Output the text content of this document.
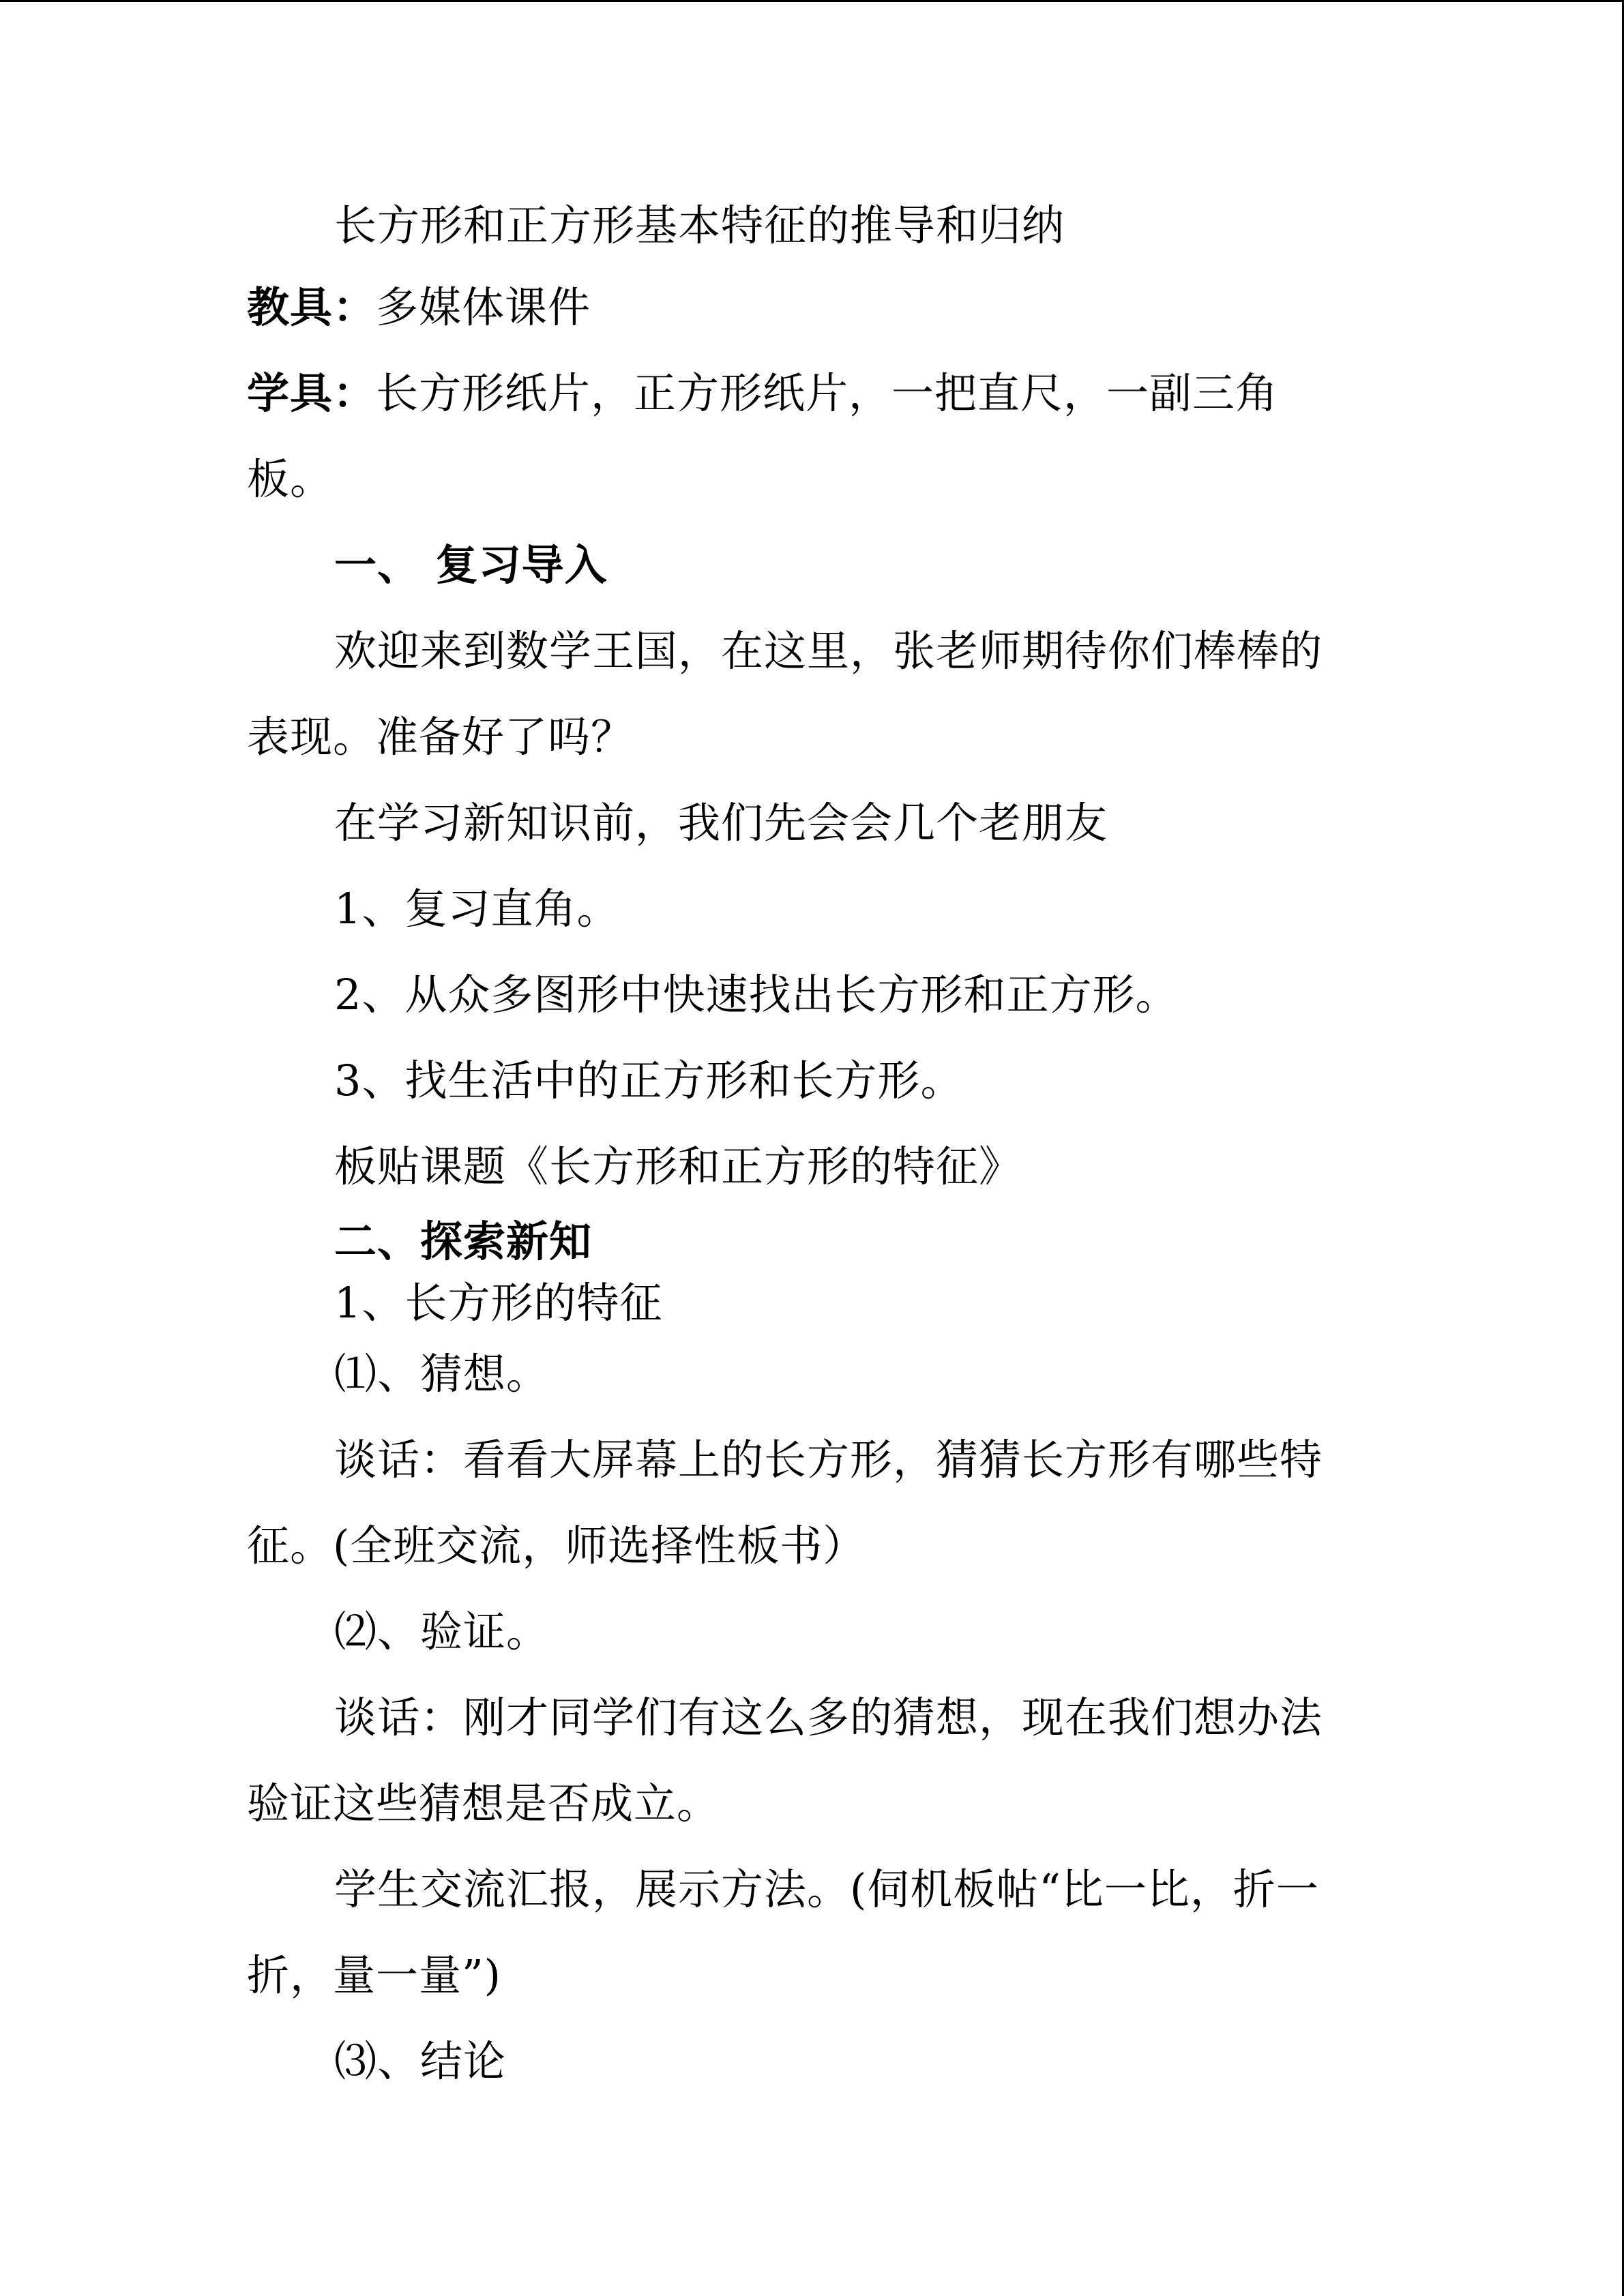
长方形和正方形基本特征的推导和归纳

教具：多媒体课件

学具：长方形纸片，正方形纸片，一把直尺，一副三角

板。

一、 复习导入

欢迎来到数学王国，在这里，张老师期待你们棒棒的

表现。准备好了吗？

在学习新知识前，我们先会会几个老朋友

1、复习直角。

2、从众多图形中快速找出长方形和正方形。

3、找生活中的正方形和长方形。

板贴课题《长方形和正方形的特征》

二、探索新知

1、长方形的特征

⑴、猜想。

谈话：看看大屏幕上的长方形，猜猜长方形有哪些特

征。(全班交流，师选择性板书）

⑵、验证。

谈话：刚才同学们有这么多的猜想，现在我们想办法

验证这些猜想是否成立。

学生交流汇报，展示方法。(伺机板帖“比一比，折一

折，量一量”)

⑶、结论
